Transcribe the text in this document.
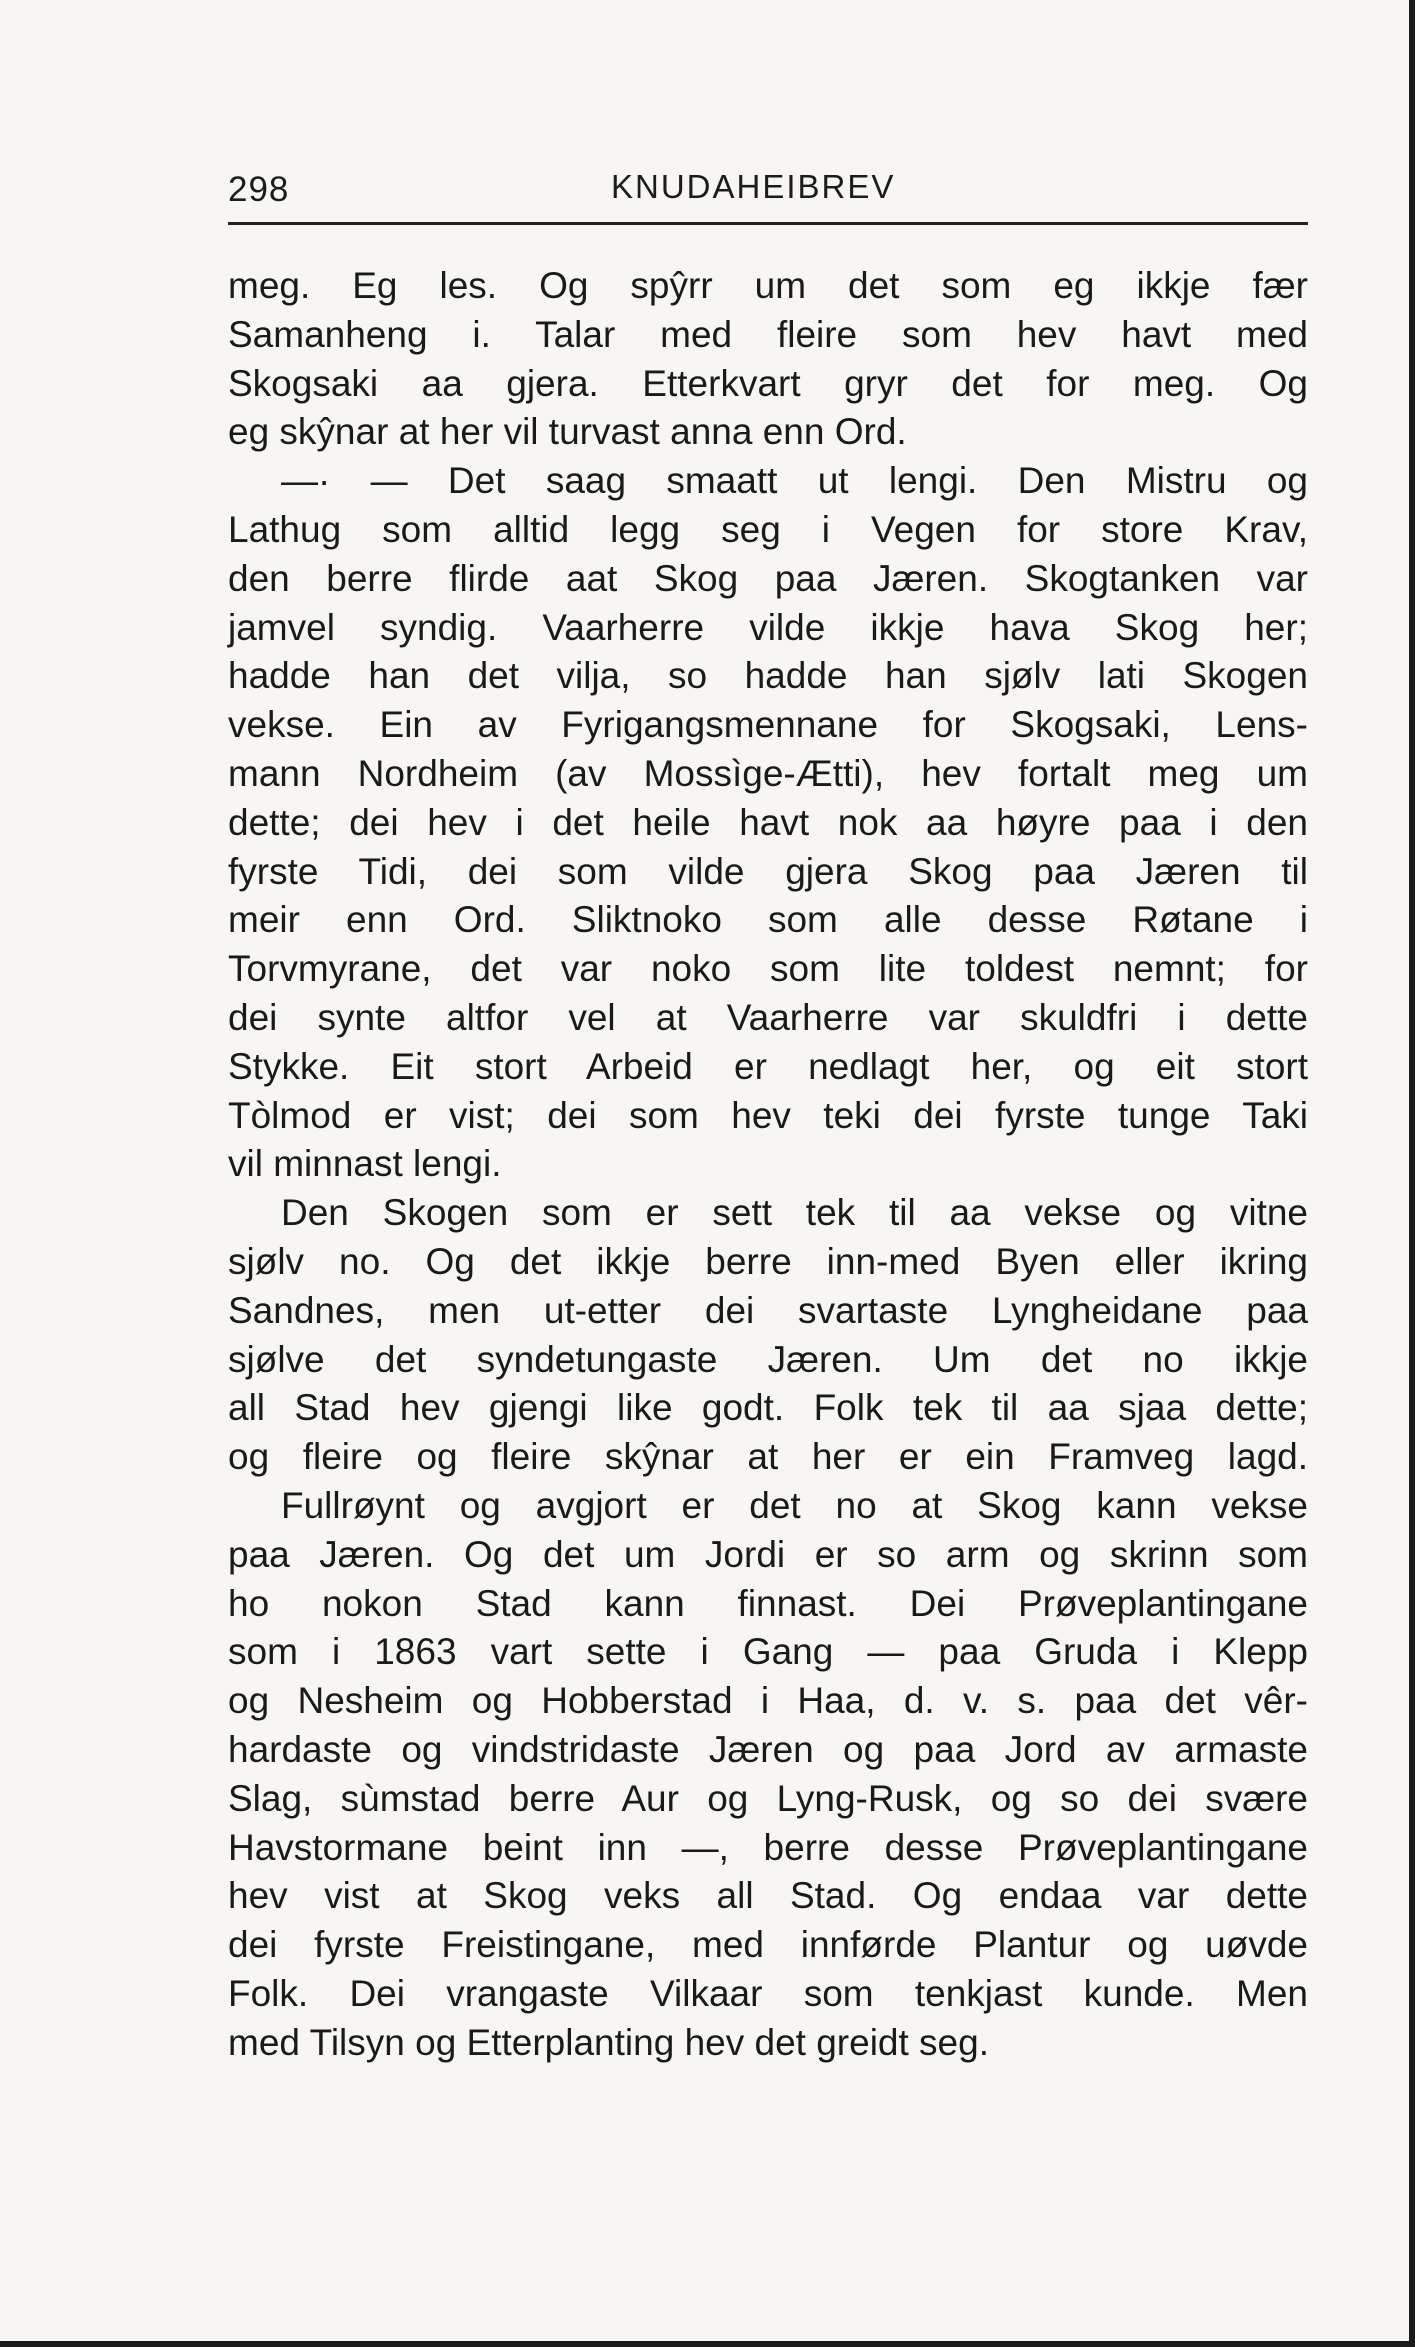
298	KNUDAHEIBREV
meg. Eg les. Og spŷrr um det som eg ikkje fær
Samanheng i. Talar med fleire som hev havt med
Skogsaki aa gjera. Etterkvart gryr det for meg. Og
eg skŷnar at her vil turvast anna enn Ord.
—· — Det saag smaatt ut lengi. Den Mistru og
Lathug som alltid legg seg i Vegen for store Krav,
den berre flirde aat Skog paa Jæren. Skogtanken var
jamvel syndig. Vaarherre vilde ikkje hava Skog her;
hadde han det vilja, so hadde han sjølv lati Skogen
vekse. Ein av Fyrigangsmennane for Skogsaki, Lens-
mann Nordheim (av Mossìge-Ætti), hev fortalt meg um
dette; dei hev i det heile havt nok aa høyre paa i den
fyrste Tidi, dei som vilde gjera Skog paa Jæren til
meir enn Ord. Sliktnoko som alle desse Røtane i
Torvmyrane, det var noko som lite toldest nemnt; for
dei synte altfor vel at Vaarherre var skuldfri i dette
Stykke. Eit stort Arbeid er nedlagt her, og eit stort
Tòlmod er vist; dei som hev teki dei fyrste tunge Taki
vil minnast lengi.
Den Skogen som er sett tek til aa vekse og vitne
sjølv no. Og det ikkje berre inn-med Byen eller ikring
Sandnes, men ut-etter dei svartaste Lyngheidane paa
sjølve det syndetungaste Jæren. Um det no ikkje
all Stad hev gjengi like godt. Folk tek til aa sjaa dette;
og fleire og fleire skŷnar at her er ein Framveg lagd.
Fullrøynt og avgjort er det no at Skog kann vekse
paa Jæren. Og det um Jordi er so arm og skrinn som
ho nokon Stad kann finnast. Dei Prøveplantingane
som i 1863 vart sette i Gang — paa Gruda i Klepp
og Nesheim og Hobberstad i Haa, d. v. s. paa det vêr-
hardaste og vindstridaste Jæren og paa Jord av armaste
Slag, sùmstad berre Aur og Lyng-Rusk, og so dei svære
Havstormane beint inn —, berre desse Prøveplantingane
hev vist at Skog veks all Stad. Og endaa var dette
dei fyrste Freistingane, med innførde Plantur og uøvde
Folk. Dei vrangaste Vilkaar som tenkjast kunde. Men
med Tilsyn og Etterplanting hev det greidt seg.
